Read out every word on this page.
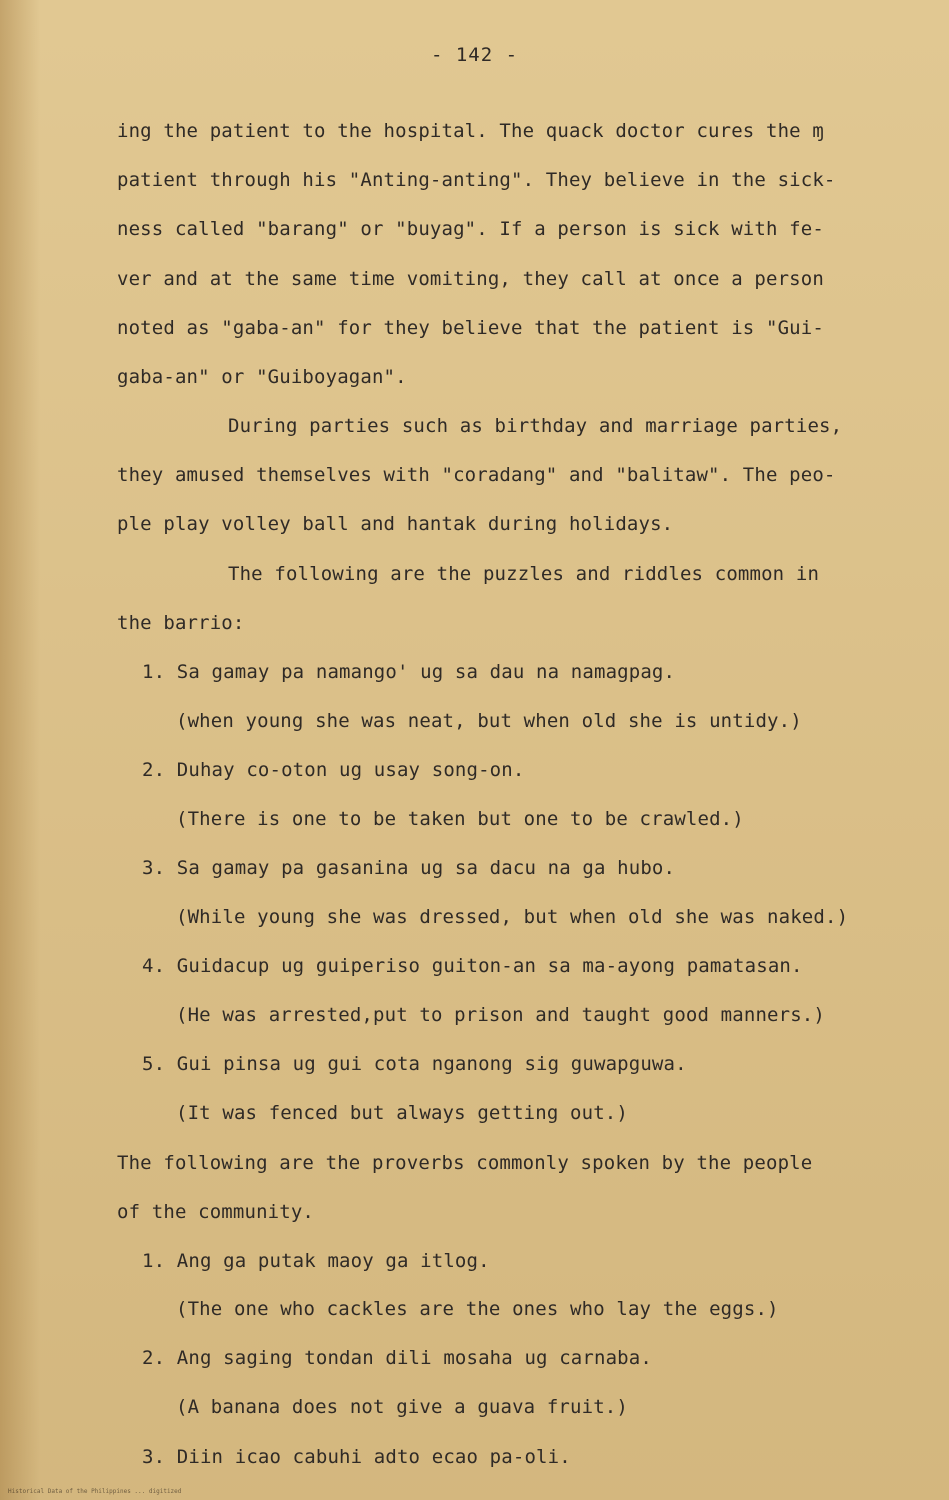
- 142 -
ing the patient to the hospital. The quack doctor cures the ɱ
patient through his "Anting-anting". They believe in the sick-
ness called "barang" or "buyag". If a person is sick with fe-
ver and at the same time vomiting, they call at once a person
noted as "gaba-an" for they believe that the patient is "Gui-
gaba-an" or "Guiboyagan".
During parties such as birthday and marriage parties,
they amused themselves with "coradang" and "balitaw". The peo-
ple play volley ball and hantak during holidays.
The following are the puzzles and riddles common in
the barrio:
1. Sa gamay pa namango' ug sa dau na namagpag.
(when young she was neat, but when old she is untidy.)
2. Duhay co-oton ug usay song-on.
(There is one to be taken but one to be crawled.)
3. Sa gamay pa gasanina ug sa dacu na ga hubo.
(While young she was dressed, but when old she was naked.)
4. Guidacup ug guiperiso guiton-an sa ma-ayong pamatasan.
(He was arrested,put to prison and taught good manners.)
5. Gui pinsa ug gui cota nganong sig guwapguwa.
(It was fenced but always getting out.)
The following are the proverbs commonly spoken by the people
of the community.
1. Ang ga putak maoy ga itlog.
(The one who cackles are the ones who lay the eggs.)
2. Ang saging tondan dili mosaha ug carnaba.
(A banana does not give a guava fruit.)
3. Diin icao cabuhi adto ecao pa-oli.
Historical Data of the Philippines ... digitized
